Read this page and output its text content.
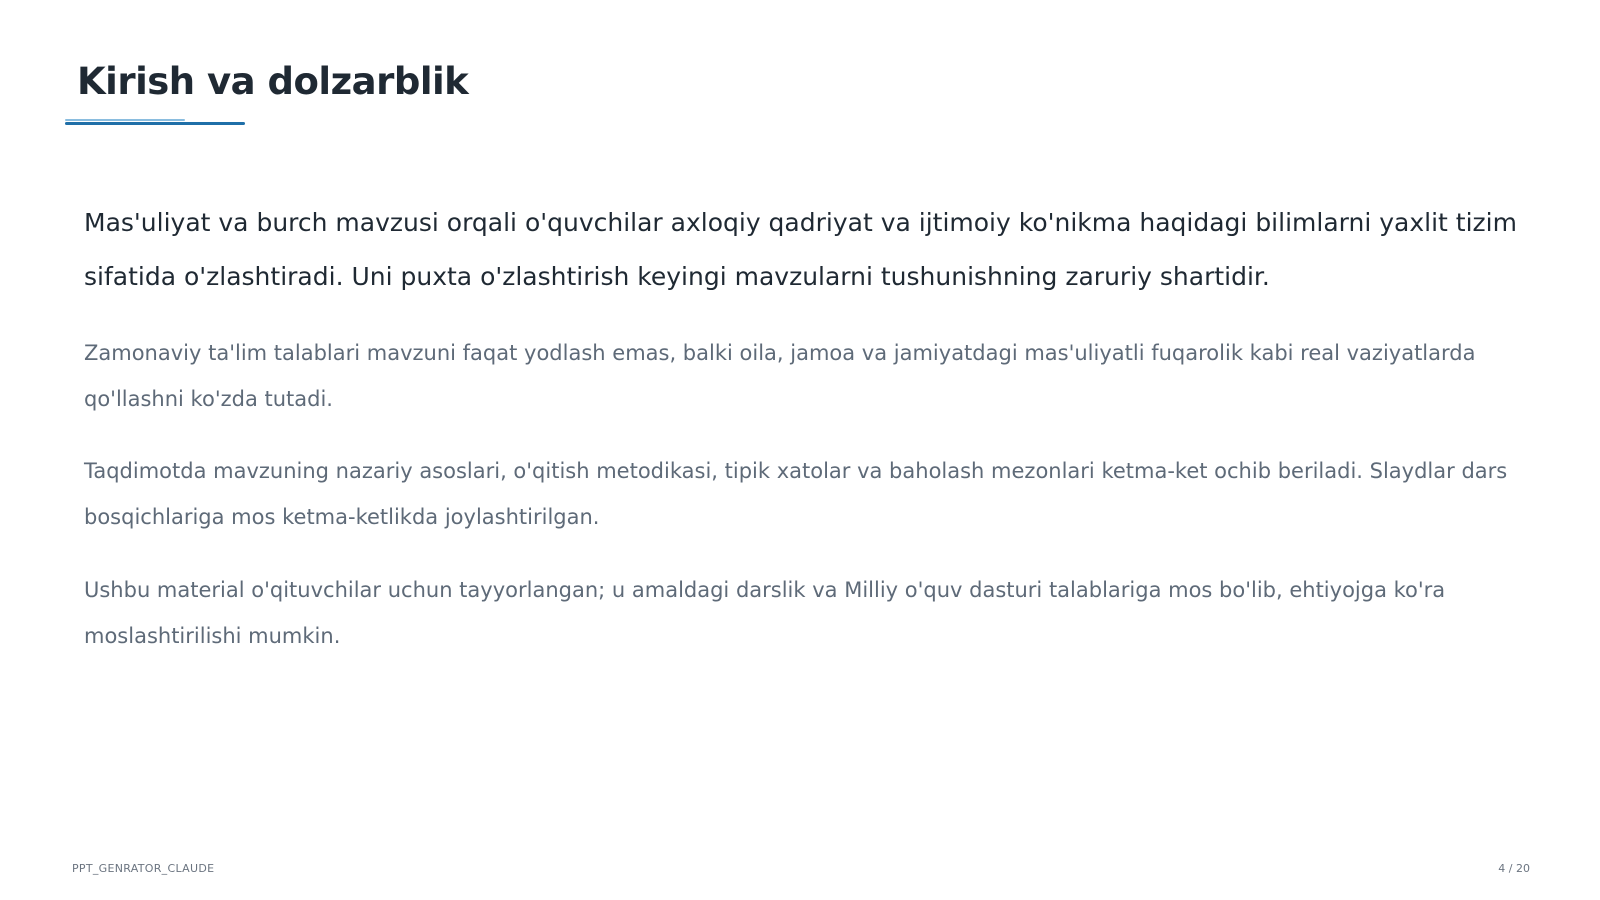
Kirish va dolzarblik

Mas'uliyat va burch mavzusi orqali o'quvchilar axloqiy qadriyat va ijtimoiy ko'nikma haqidagi bilimlarni yaxlit tizim sifatida o'zlashtiradi. Uni puxta o'zlashtirish keyingi mavzularni tushunishning zaruriy shartidir.

Zamonaviy ta'lim talablari mavzuni faqat yodlash emas, balki oila, jamoa va jamiyatdagi mas'uliyatli fuqarolik kabi real vaziyatlarda qo'llashni ko'zda tutadi.

Taqdimotda mavzuning nazariy asoslari, o'qitish metodikasi, tipik xatolar va baholash mezonlari ketma-ket ochib beriladi. Slaydlar dars bosqichlariga mos ketma-ketlikda joylashtirilgan.

Ushbu material o'qituvchilar uchun tayyorlangan; u amaldagi darslik va Milliy o'quv dasturi talablariga mos bo'lib, ehtiyojga ko'ra moslashtirilishi mumkin.

PPT_GENRATOR_CLAUDE	4 / 20
